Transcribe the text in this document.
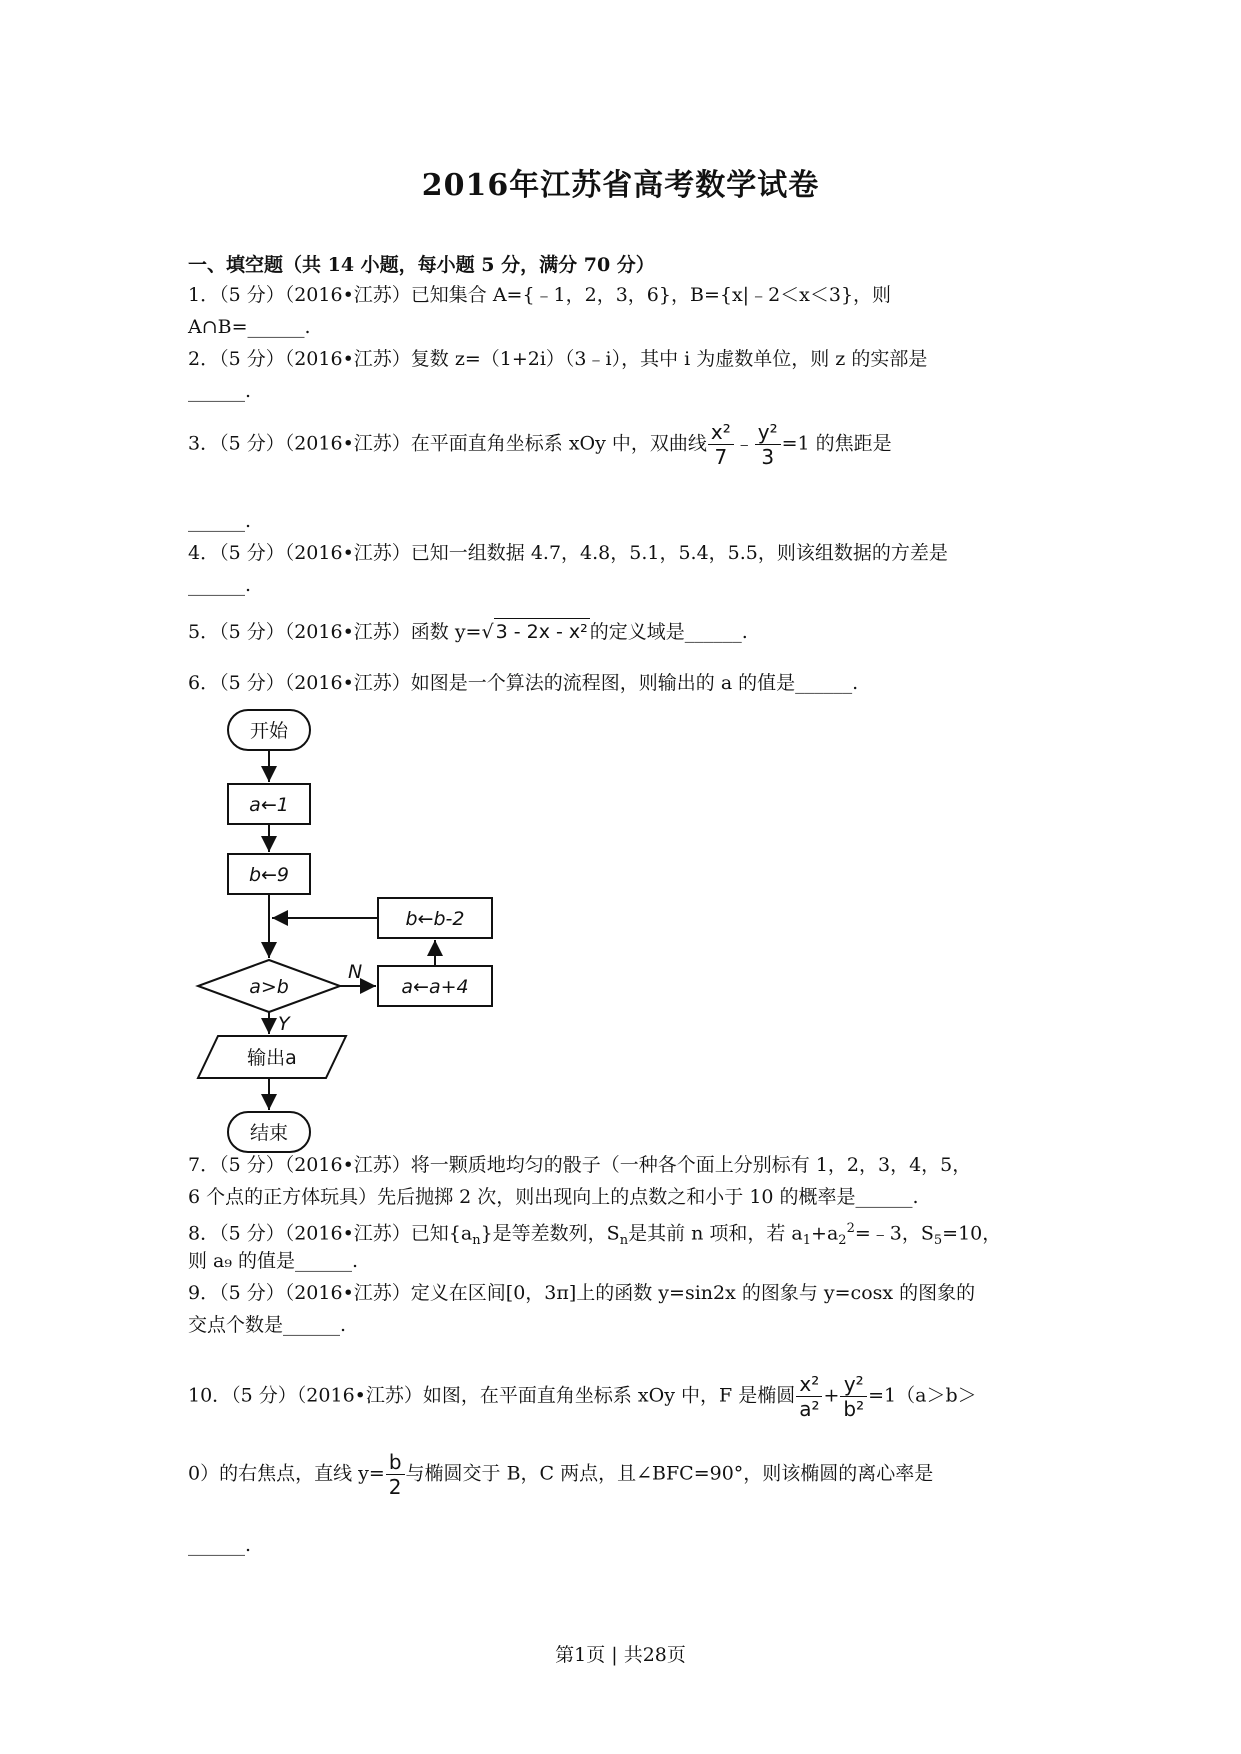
2016年江苏省高考数学试卷
一、填空题（共 14 小题，每小题 5 分，满分 70 分）
1．（5 分）（2016•江苏）已知集合 A={﹣1，2，3，6}，B={x|﹣2＜x＜3}，则
A∩B=______.
2．（5 分）（2016•江苏）复数 z=（1+2i）（3﹣i），其中 i 为虚数单位，则 z 的实部是
______.
3．（5 分）（2016•江苏）在平面直角坐标系 xOy 中，双曲线 $\frac{\text{x²}}{7}$ ﹣ $\frac{\text{y²}}{3} =1$ 的焦距是
______.
4．（5 分）（2016•江苏）已知一组数据 4.7，4.8，5.1，5.4，5.5，则该组数据的方差是
______.
5．（5 分）（2016•江苏）函数 y=√ 3 - 2x - x² 的定义域是______.
6．（5 分）（2016•江苏）如图是一个算法的流程图，则输出的 a 的值是______.
开始
a←1
b←9
b←b-2
a>b
N
a←a+4
Y
输出a
结束
7．（5 分）（2016•江苏）将一颗质地均匀的骰子（一种各个面上分别标有 1，2，3，4，5，
6 个点的正方体玩具）先后抛掷 2 次，则出现向上的点数之和小于 10 的概率是______.
8．（5 分）（2016•江苏）已知$\{a_n\}$是等差数列，$S_n$是其前 n 项和，若 $a_1+a_2^2=﹣3$，$S_5=10$，
则 a₉ 的值是______.
9．（5 分）（2016•江苏）定义在区间[0，3π]上的函数 y=sin2x 的图象与 y=cosx 的图象的
交点个数是______.
10．（5 分）（2016•江苏）如图，在平面直角坐标系 xOy 中，F 是椭圆 $\frac{\text{x²}}{\text{a²}} + \frac{\text{y²}}{\text{b²}} =1(a>b>$
0）的右焦点，直线 $y= \frac{b}{2}$ 与椭圆交于 B，C 两点，且∠BFC=90°，则该椭圆的离心率是
______.
第1页 | 共28页
